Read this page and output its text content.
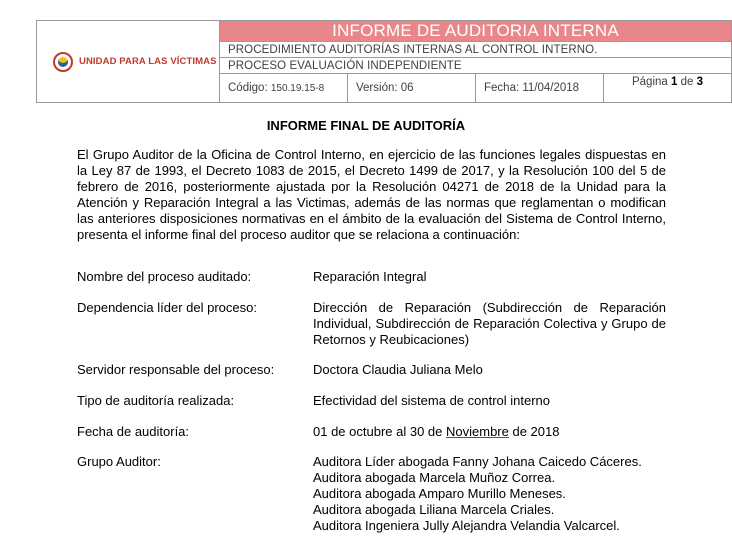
UNIDAD PARA LAS VÍCTIMAS	INFORME DE AUDITORIA INTERNA			
	PROCEDIMIENTO AUDITORÍAS INTERNAS AL CONTROL INTERNO.			
	PROCESO EVALUACIÓN INDEPENDIENTE			
	Código: 150.19.15-8	Versión: 06	Fecha: 11/04/2018	Página 1 de 3
INFORME FINAL DE AUDITORÍA
El Grupo Auditor de la Oficina de Control Interno, en ejercicio de las funciones legales dispuestas en la Ley 87 de 1993, el Decreto 1083 de 2015, el Decreto 1499 de 2017, y la Resolución 100 del 5 de febrero de 2016, posteriormente ajustada por la Resolución 04271 de 2018 de la Unidad para la Atención y Reparación Integral a las Victimas, además de las normas que reglamentan o modifican las anteriores disposiciones normativas en el ámbito de la evaluación del Sistema de Control Interno, presenta el informe final del proceso auditor que se relaciona a continuación:
Nombre del proceso auditado:	Reparación Integral
Dependencia líder del proceso:	Dirección de Reparación (Subdirección de Reparación Individual, Subdirección de Reparación Colectiva y Grupo de Retornos y Reubicaciones)
Servidor responsable del proceso:	Doctora Claudia Juliana Melo
Tipo de auditoría realizada:	Efectividad del sistema de control interno
Fecha de auditoría:	01 de octubre al 30 de Noviembre de 2018
Grupo Auditor:	Auditora Líder abogada Fanny Johana Caicedo Cáceres.
Auditora abogada Marcela Muñoz Correa.
Auditora abogada Amparo Murillo Meneses.
Auditora abogada Liliana Marcela Criales.
Auditora Ingeniera Jully Alejandra Velandia Valcarcel.
